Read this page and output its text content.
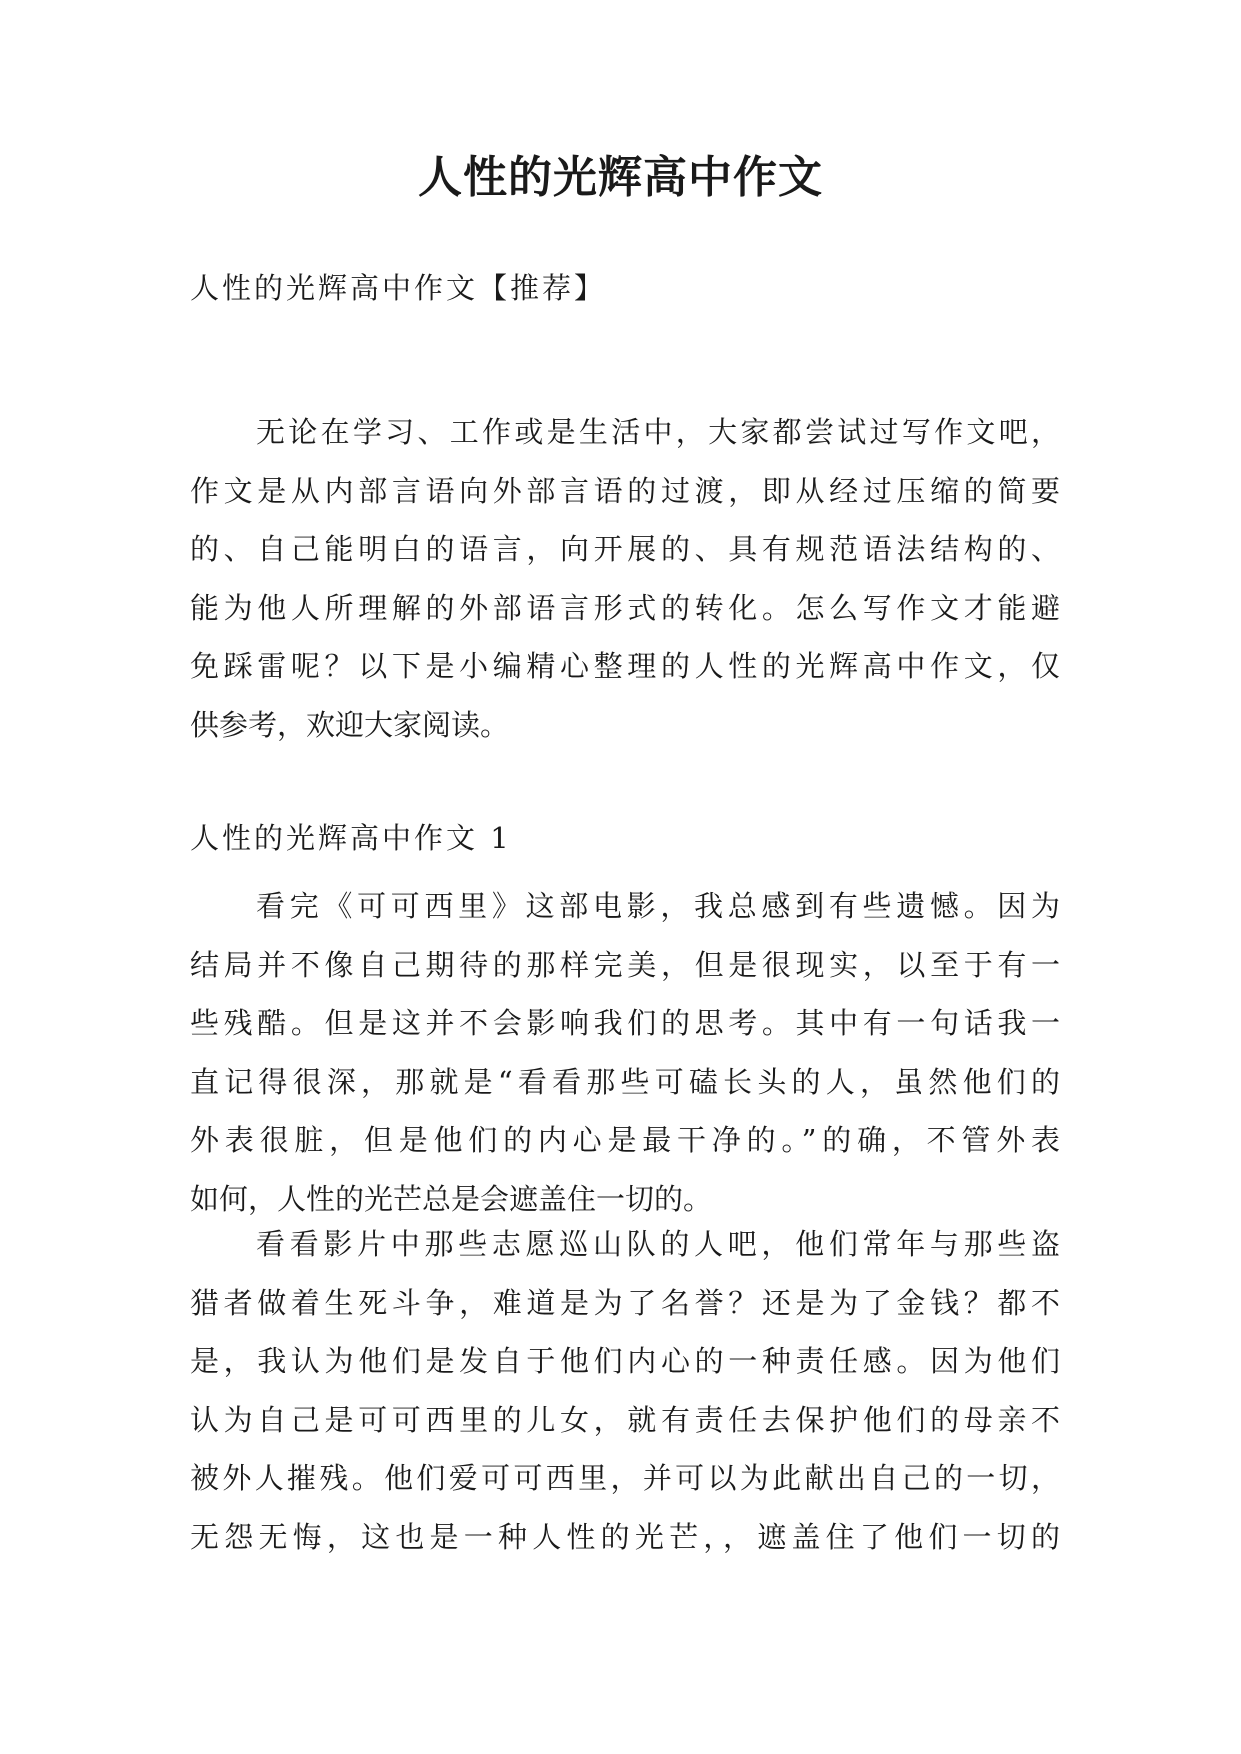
人性的光辉高中作文

人性的光辉高中作文【推荐】

无论在学习、工作或是生活中，大家都尝试过写作文吧，
作文是从内部言语向外部言语的过渡，即从经过压缩的简要
的、自己能明白的语言，向开展的、具有规范语法结构的、
能为他人所理解的外部语言形式的转化。怎么写作文才能避
免踩雷呢？以下是小编精心整理的人性的光辉高中作文，仅
供参考，欢迎大家阅读。

人性的光辉高中作文 1

看完《可可西里》这部电影，我总感到有些遗憾。因为
结局并不像自己期待的那样完美，但是很现实，以至于有一
些残酷。但是这并不会影响我们的思考。其中有一句话我一
直记得很深，那就是“看看那些可磕长头的人，虽然他们的
外表很脏，但是他们的内心是最干净的。”的确，不管外表
如何，人性的光芒总是会遮盖住一切的。
看看影片中那些志愿巡山队的人吧，他们常年与那些盗
猎者做着生死斗争，难道是为了名誉？还是为了金钱？都不
是，我认为他们是发自于他们内心的一种责任感。因为他们
认为自己是可可西里的儿女，就有责任去保护他们的母亲不
被外人摧残。他们爱可可西里，并可以为此献出自己的一切，
无怨无悔，这也是一种人性的光芒，，遮盖住了他们一切的
